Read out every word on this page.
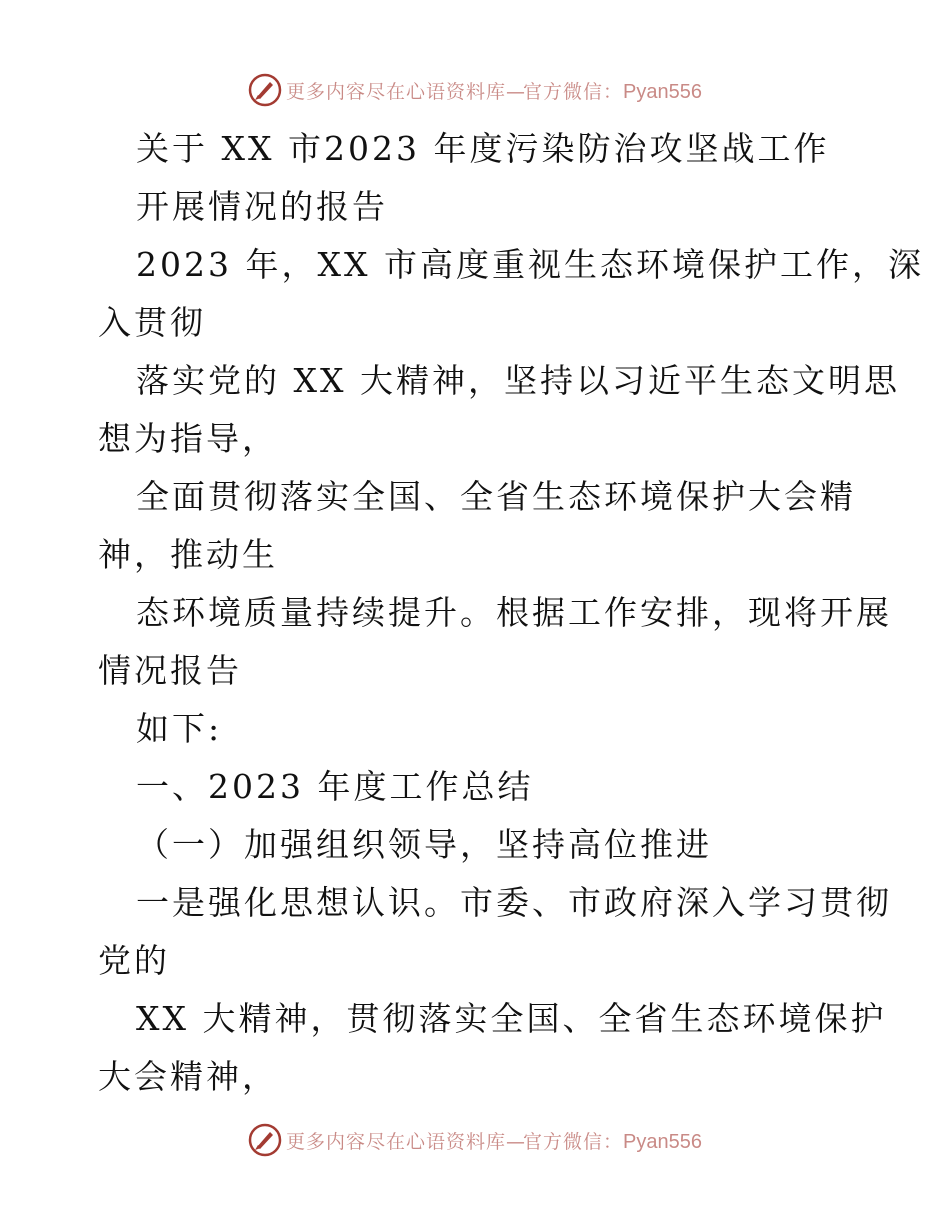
更多内容尽在心语资料库—官方微信：Pyan556
关于 XX 市2023 年度污染防治攻坚战工作
开展情况的报告
2023 年，XX 市高度重视生态环境保护工作，深
入贯彻
落实党的 XX 大精神，坚持以习近平生态文明思
想为指导，
全面贯彻落实全国、全省生态环境保护大会精
神，推动生
态环境质量持续提升。根据工作安排，现将开展
情况报告
如下:
一、2023 年度工作总结
（一）加强组织领导，坚持高位推进
一是强化思想认识。市委、市政府深入学习贯彻
党的
XX 大精神，贯彻落实全国、全省生态环境保护
大会精神，
更多内容尽在心语资料库—官方微信：Pyan556
